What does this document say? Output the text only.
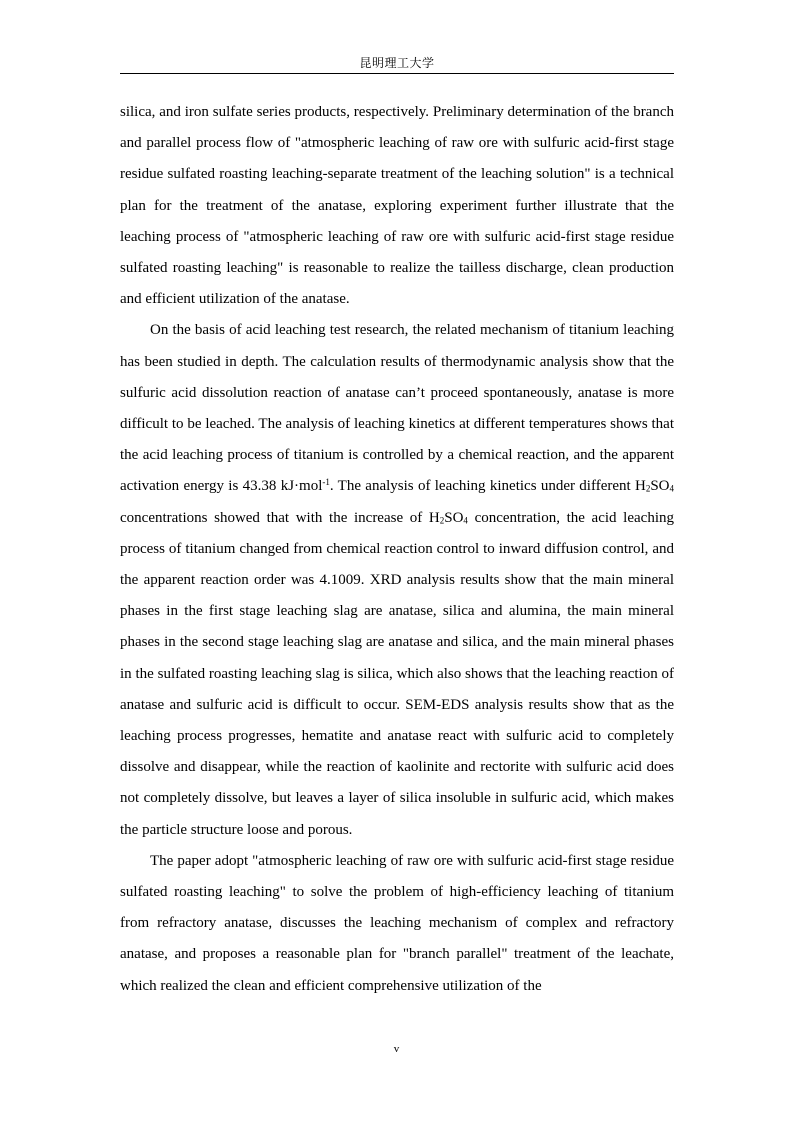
昆明理工大学

silica, and iron sulfate series products, respectively. Preliminary determination of the branch and parallel process flow of "atmospheric leaching of raw ore with sulfuric acid-first stage residue sulfated roasting leaching-separate treatment of the leaching solution" is a technical plan for the treatment of the anatase, exploring experiment further illustrate that the leaching process of "atmospheric leaching of raw ore with sulfuric acid-first stage residue sulfated roasting leaching" is reasonable to realize the tailless discharge, clean production and efficient utilization of the anatase.

On the basis of acid leaching test research, the related mechanism of titanium leaching has been studied in depth. The calculation results of thermodynamic analysis show that the sulfuric acid dissolution reaction of anatase can’t proceed spontaneously, anatase is more difficult to be leached. The analysis of leaching kinetics at different temperatures shows that the acid leaching process of titanium is controlled by a chemical reaction, and the apparent activation energy is 43.38 kJ·mol$^{-1}$. The analysis of leaching kinetics under different $H_2SO_4$ concentrations showed that with the increase of $H_2SO_4$ concentration, the acid leaching process of titanium changed from chemical reaction control to inward diffusion control, and the apparent reaction order was 4.1009. XRD analysis results show that the main mineral phases in the first stage leaching slag are anatase, silica and alumina, the main mineral phases in the second stage leaching slag are anatase and silica, and the main mineral phases in the sulfated roasting leaching slag is silica, which also shows that the leaching reaction of anatase and sulfuric acid is difficult to occur. SEM-EDS analysis results show that as the leaching process progresses, hematite and anatase react with sulfuric acid to completely dissolve and disappear, while the reaction of kaolinite and rectorite with sulfuric acid does not completely dissolve, but leaves a layer of silica insoluble in sulfuric acid, which makes the particle structure loose and porous.

The paper adopt "atmospheric leaching of raw ore with sulfuric acid-first stage residue sulfated roasting leaching" to solve the problem of high-efficiency leaching of titanium from refractory anatase, discusses the leaching mechanism of complex and refractory anatase, and proposes a reasonable plan for "branch parallel" treatment of the leachate, which realized the clean and efficient comprehensive utilization of the

v
